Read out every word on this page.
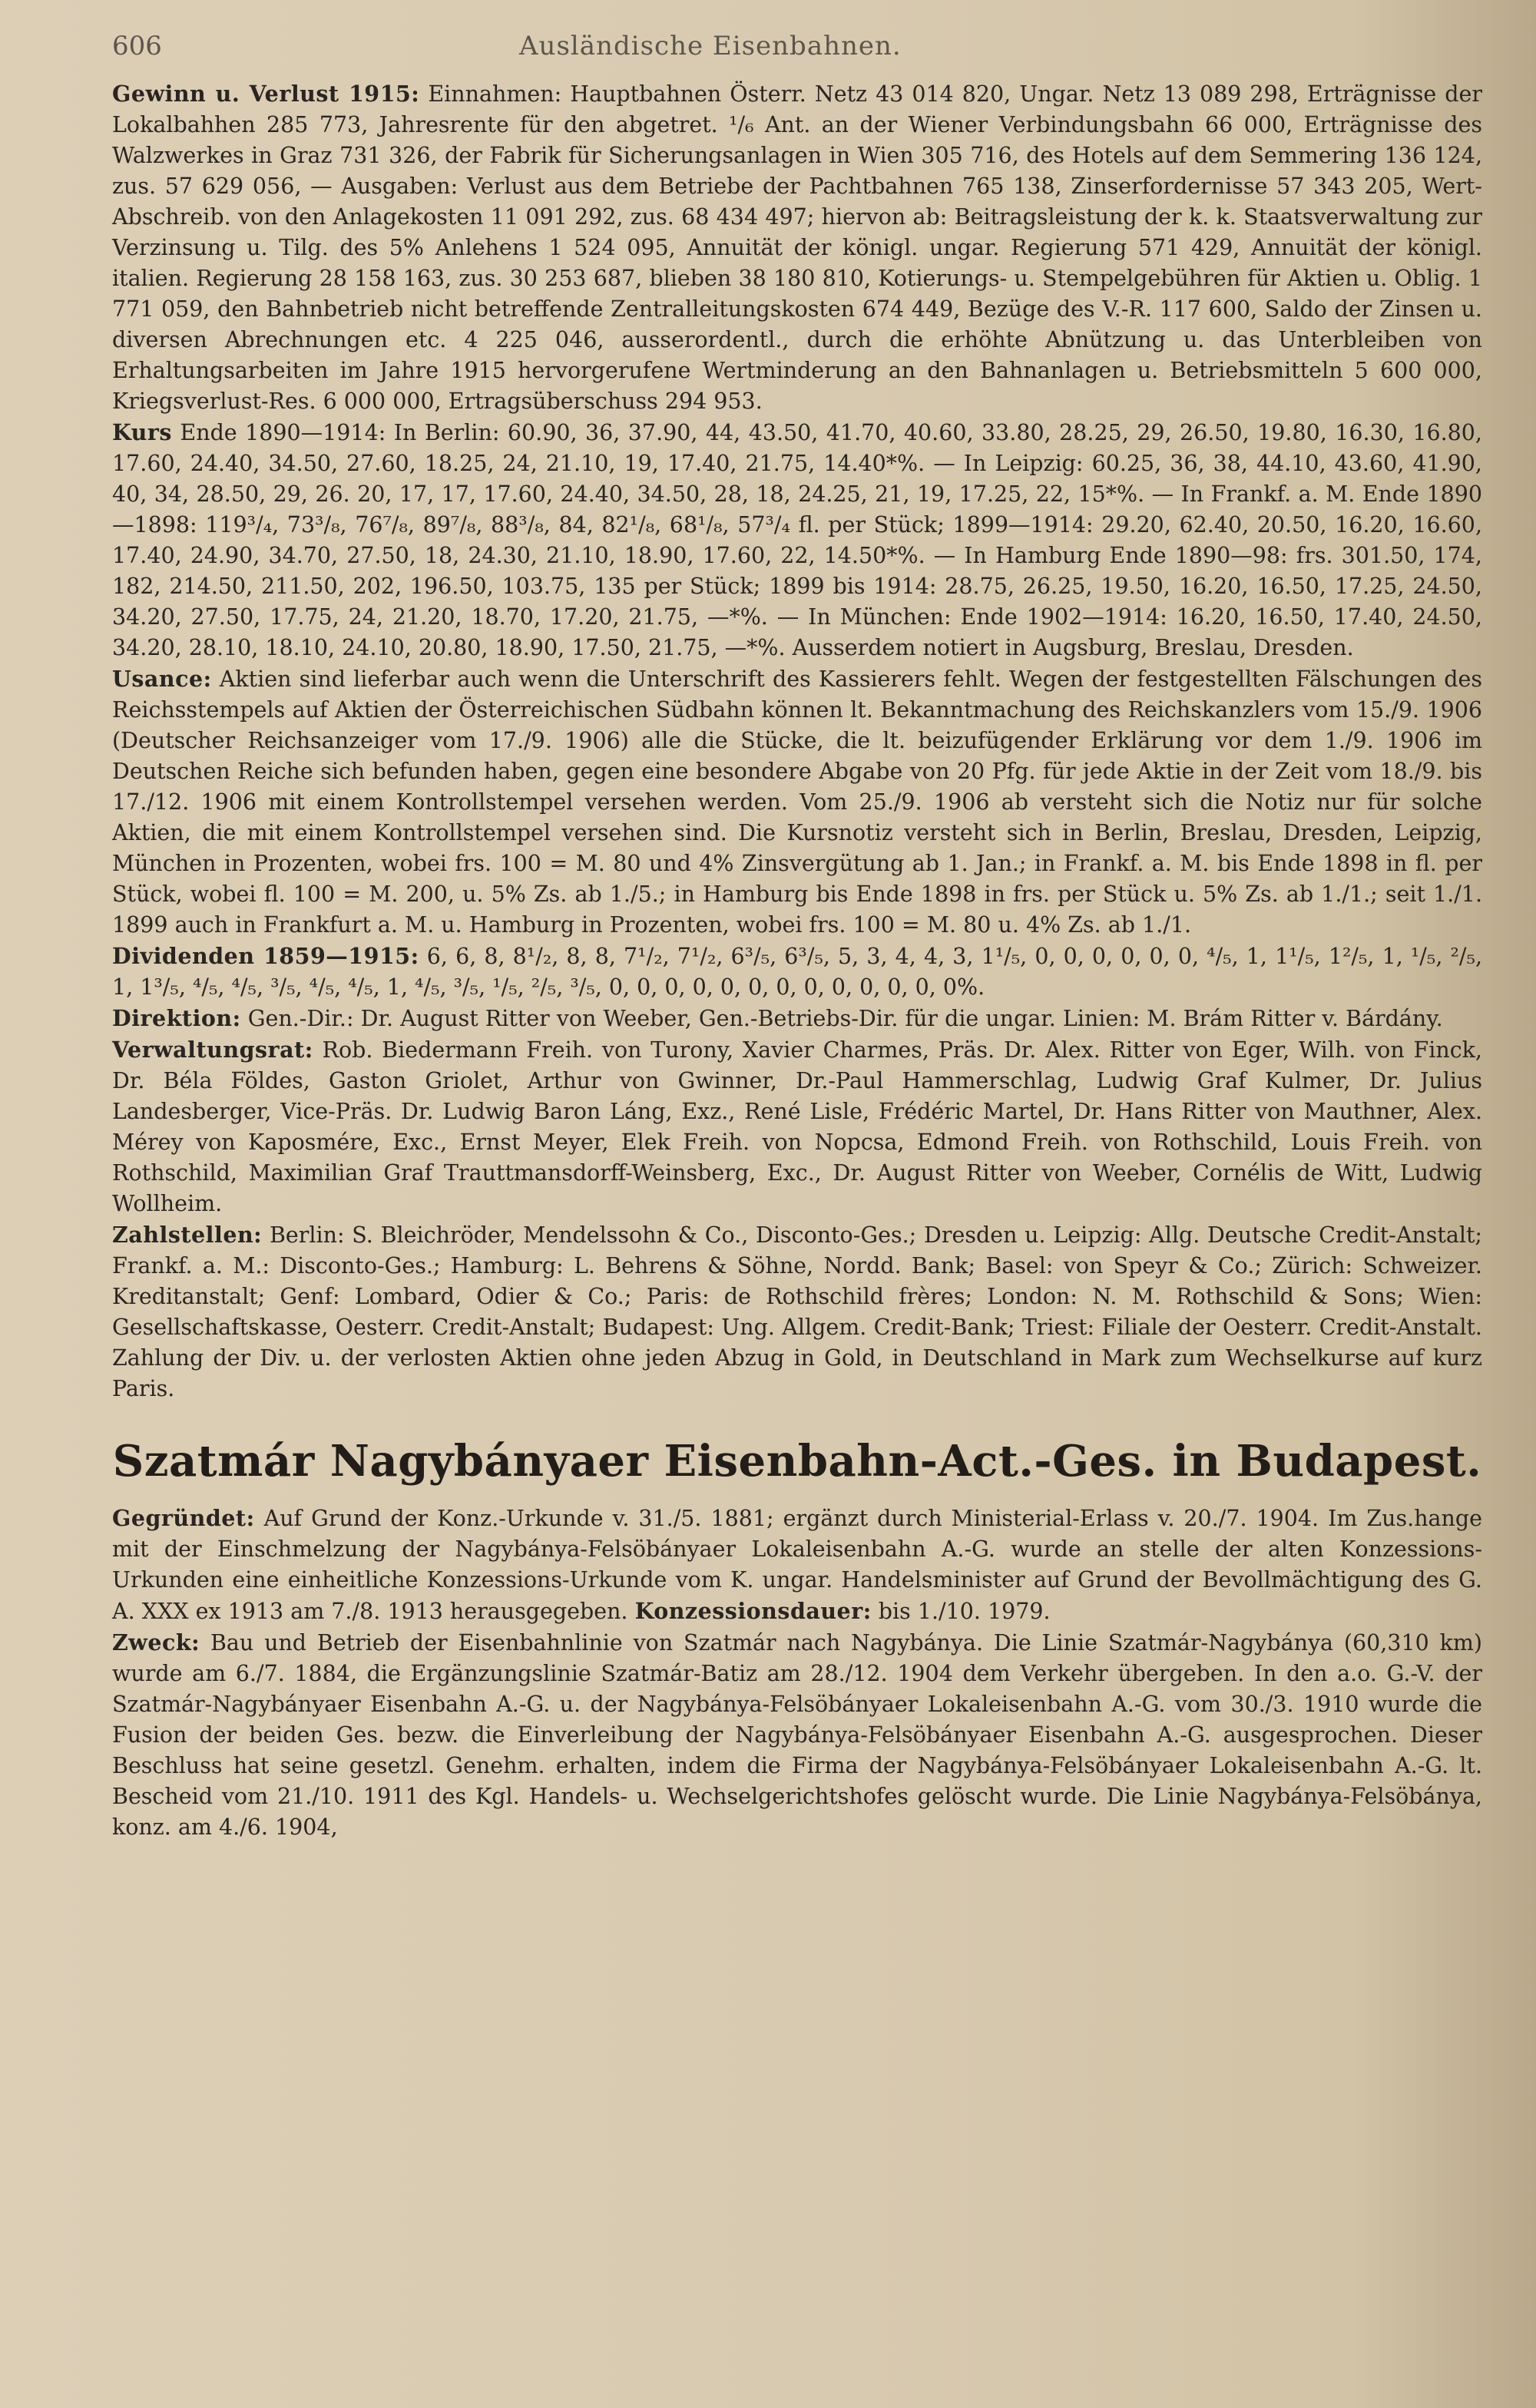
606	Ausländische Eisenbahnen.

Gewinn u. Verlust 1915: Einnahmen: Hauptbahnen Österr. Netz 43 014 820, Ungar. Netz 13 089 298, Erträgnisse der Lokalbahhen 285 773, Jahresrente für den abgetret. ¹/₆ Ant. an der Wiener Verbindungsbahn 66 000, Erträgnisse des Walzwerkes in Graz 731 326, der Fabrik für Sicherungsanlagen in Wien 305 716, des Hotels auf dem Semmering 136 124, zus. 57 629 056, — Ausgaben: Verlust aus dem Betriebe der Pachtbahnen 765 138, Zinserfordernisse 57 343 205, Wert-Abschreib. von den Anlagekosten 11 091 292, zus. 68 434 497; hiervon ab: Beitragsleistung der k. k. Staatsverwaltung zur Verzinsung u. Tilg. des 5% Anlehens 1 524 095, Annuität der königl. ungar. Regierung 571 429, Annuität der königl. italien. Regierung 28 158 163, zus. 30 253 687, blieben 38 180 810, Kotierungs- u. Stempelgebühren für Aktien u. Oblig. 1 771 059, den Bahnbetrieb nicht betreffende Zentralleitungskosten 674 449, Bezüge des V.-R. 117 600, Saldo der Zinsen u. diversen Abrechnungen etc. 4 225 046, ausserordentl., durch die erhöhte Abnützung u. das Unterbleiben von Erhaltungsarbeiten im Jahre 1915 hervorgerufene Wertminderung an den Bahnanlagen u. Betriebsmitteln 5 600 000, Kriegsverlust-Res. 6 000 000, Ertragsüberschuss 294 953.

Kurs Ende 1890—1914: In Berlin: 60.90, 36, 37.90, 44, 43.50, 41.70, 40.60, 33.80, 28.25, 29, 26.50, 19.80, 16.30, 16.80, 17.60, 24.40, 34.50, 27.60, 18.25, 24, 21.10, 19, 17.40, 21.75, 14.40*%. — In Leipzig: 60.25, 36, 38, 44.10, 43.60, 41.90, 40, 34, 28.50, 29, 26. 20, 17, 17, 17.60, 24.40, 34.50, 28, 18, 24.25, 21, 19, 17.25, 22, 15*%. — In Frankf. a. M. Ende 1890—1898: 119³/₄, 73³/₈, 76⁷/₈, 89⁷/₈, 88³/₈, 84, 82¹/₈, 68¹/₈, 57³/₄ fl. per Stück; 1899—1914: 29.20, 62.40, 20.50, 16.20, 16.60, 17.40, 24.90, 34.70, 27.50, 18, 24.30, 21.10, 18.90, 17.60, 22, 14.50*%. — In Hamburg Ende 1890—98: frs. 301.50, 174, 182, 214.50, 211.50, 202, 196.50, 103.75, 135 per Stück; 1899 bis 1914: 28.75, 26.25, 19.50, 16.20, 16.50, 17.25, 24.50, 34.20, 27.50, 17.75, 24, 21.20, 18.70, 17.20, 21.75, —*%. — In München: Ende 1902—1914: 16.20, 16.50, 17.40, 24.50, 34.20, 28.10, 18.10, 24.10, 20.80, 18.90, 17.50, 21.75, —*%. Ausserdem notiert in Augsburg, Breslau, Dresden.

Usance: Aktien sind lieferbar auch wenn die Unterschrift des Kassierers fehlt. Wegen der festgestellten Fälschungen des Reichsstempels auf Aktien der Österreichischen Südbahn können lt. Bekanntmachung des Reichskanzlers vom 15./9. 1906 (Deutscher Reichsanzeiger vom 17./9. 1906) alle die Stücke, die lt. beizufügender Erklärung vor dem 1./9. 1906 im Deutschen Reiche sich befunden haben, gegen eine besondere Abgabe von 20 Pfg. für jede Aktie in der Zeit vom 18./9. bis 17./12. 1906 mit einem Kontrollstempel versehen werden. Vom 25./9. 1906 ab versteht sich die Notiz nur für solche Aktien, die mit einem Kontrollstempel versehen sind. Die Kursnotiz versteht sich in Berlin, Breslau, Dresden, Leipzig, München in Prozenten, wobei frs. 100 = M. 80 und 4% Zinsvergütung ab 1. Jan.; in Frankf. a. M. bis Ende 1898 in fl. per Stück, wobei fl. 100 = M. 200, u. 5% Zs. ab 1./5.; in Hamburg bis Ende 1898 in frs. per Stück u. 5% Zs. ab 1./1.; seit 1./1. 1899 auch in Frankfurt a. M. u. Hamburg in Prozenten, wobei frs. 100 = M. 80 u. 4% Zs. ab 1./1.

Dividenden 1859—1915: 6, 6, 8, 8¹/₂, 8, 8, 7¹/₂, 7¹/₂, 6³/₅, 6³/₅, 5, 3, 4, 4, 3, 1¹/₅, 0, 0, 0, 0, 0, 0, ⁴/₅, 1, 1¹/₅, 1²/₅, 1, ¹/₅, ²/₅, 1, 1³/₅, ⁴/₅, ⁴/₅, ³/₅, ⁴/₅, ⁴/₅, 1, ⁴/₅, ³/₅, ¹/₅, ²/₅, ³/₅, 0, 0, 0, 0, 0, 0, 0, 0, 0, 0, 0, 0, 0%.

Direktion: Gen.-Dir.: Dr. August Ritter von Weeber, Gen.-Betriebs-Dir. für die ungar. Linien: M. Brám Ritter v. Bárdány.

Verwaltungsrat: Rob. Biedermann Freih. von Turony, Xavier Charmes, Präs. Dr. Alex. Ritter von Eger, Wilh. von Finck, Dr. Béla Földes, Gaston Griolet, Arthur von Gwinner, Dr.-Paul Hammerschlag, Ludwig Graf Kulmer, Dr. Julius Landesberger, Vice-Präs. Dr. Ludwig Baron Láng, Exz., René Lisle, Frédéric Martel, Dr. Hans Ritter von Mauthner, Alex. Mérey von Kaposmére, Exc., Ernst Meyer, Elek Freih. von Nopcsa, Edmond Freih. von Rothschild, Louis Freih. von Rothschild, Maximilian Graf Trauttmansdorff-Weinsberg, Exc., Dr. August Ritter von Weeber, Cornélis de Witt, Ludwig Wollheim.

Zahlstellen: Berlin: S. Bleichröder, Mendelssohn & Co., Disconto-Ges.; Dresden u. Leipzig: Allg. Deutsche Credit-Anstalt; Frankf. a. M.: Disconto-Ges.; Hamburg: L. Behrens & Söhne, Nordd. Bank; Basel: von Speyr & Co.; Zürich: Schweizer. Kreditanstalt; Genf: Lombard, Odier & Co.; Paris: de Rothschild frères; London: N. M. Rothschild & Sons; Wien: Gesellschaftskasse, Oesterr. Credit-Anstalt; Budapest: Ung. Allgem. Credit-Bank; Triest: Filiale der Oesterr. Credit-Anstalt. Zahlung der Div. u. der verlosten Aktien ohne jeden Abzug in Gold, in Deutschland in Mark zum Wechselkurse auf kurz Paris.

Szatmár Nagybányaer Eisenbahn-Act.-Ges. in Budapest.

Gegründet: Auf Grund der Konz.-Urkunde v. 31./5. 1881; ergänzt durch Ministerial-Erlass v. 20./7. 1904. Im Zus.hange mit der Einschmelzung der Nagybánya-Felsöbányaer Lokaleisenbahn A.-G. wurde an stelle der alten Konzessions-Urkunden eine einheitliche Konzessions-Urkunde vom K. ungar. Handelsminister auf Grund der Bevollmächtigung des G. A. XXX ex 1913 am 7./8. 1913 herausgegeben. Konzessionsdauer: bis 1./10. 1979.

Zweck: Bau und Betrieb der Eisenbahnlinie von Szatmár nach Nagybánya. Die Linie Szatmár-Nagybánya (60,310 km) wurde am 6./7. 1884, die Ergänzungslinie Szatmár-Batiz am 28./12. 1904 dem Verkehr übergeben. In den a.o. G.-V. der Szatmár-Nagybányaer Eisenbahn A.-G. u. der Nagybánya-Felsöbányaer Lokaleisenbahn A.-G. vom 30./3. 1910 wurde die Fusion der beiden Ges. bezw. die Einverleibung der Nagybánya-Felsöbányaer Eisenbahn A.-G. ausgesprochen. Dieser Beschluss hat seine gesetzl. Genehm. erhalten, indem die Firma der Nagybánya-Felsöbányaer Lokaleisenbahn A.-G. lt. Bescheid vom 21./10. 1911 des Kgl. Handels- u. Wechselgerichtshofes gelöscht wurde. Die Linie Nagybánya-Felsöbánya, konz. am 4./6. 1904,
